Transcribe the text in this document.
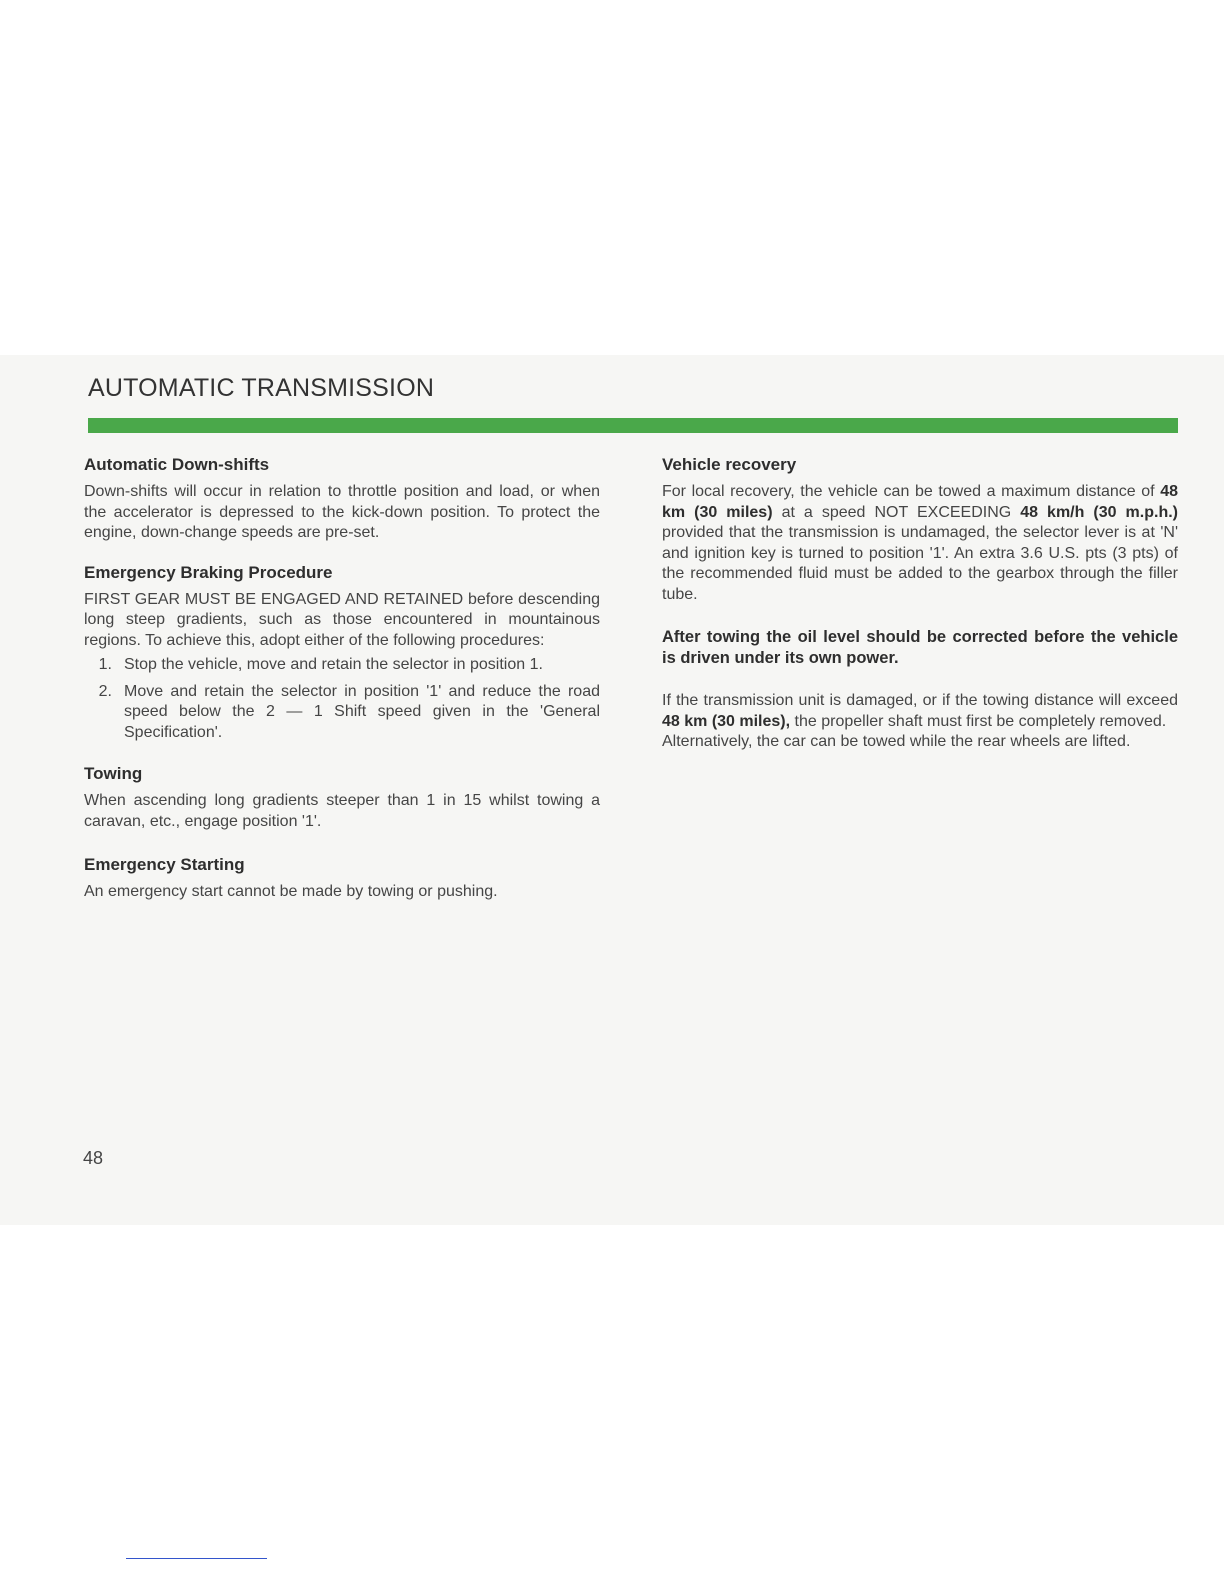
AUTOMATIC TRANSMISSION
Automatic Down-shifts

Down-shifts will occur in relation to throttle position and load, or when the accelerator is depressed to the kick-down position. To protect the engine, down-change speeds are pre-set.

Emergency Braking Procedure

FIRST GEAR MUST BE ENGAGED AND RETAINED before descending long steep gradients, such as those encountered in mountainous regions. To achieve this, adopt either of the following procedures:

1. Stop the vehicle, move and retain the selector in position 1.
2. Move and retain the selector in position '1' and reduce the road speed below the 2 — 1 Shift speed given in the 'General Specification'.
Towing

When ascending long gradients steeper than 1 in 15 whilst towing a caravan, etc., engage position '1'.

Emergency Starting

An emergency start cannot be made by towing or pushing.

Vehicle recovery

For local recovery, the vehicle can be towed a maximum distance of 48 km (30 miles) at a speed NOT EXCEEDING 48 km/h (30 m.p.h.) provided that the transmission is undamaged, the selector lever is at 'N' and ignition key is turned to position '1'. An extra 3.6 U.S. pts (3 pts) of the recommended fluid must be added to the gearbox through the filler tube.

After towing the oil level should be corrected before the vehicle is driven under its own power.

If the transmission unit is damaged, or if the towing distance will exceed 48 km (30 miles), the propeller shaft must first be completely removed.

Alternatively, the car can be towed while the rear wheels are lifted.

48
